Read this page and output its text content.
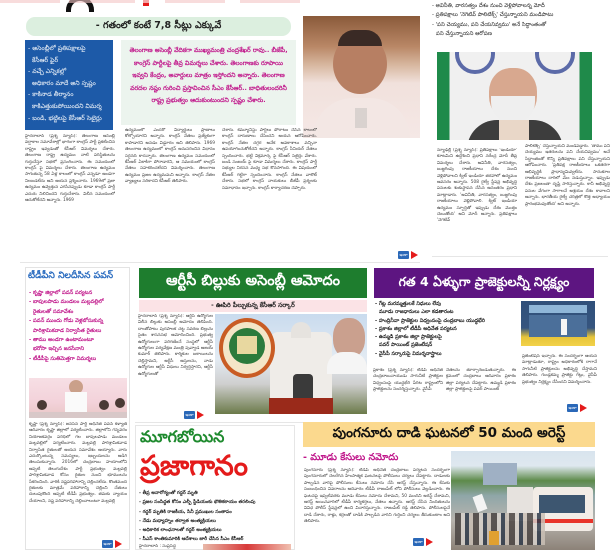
- గతంలో కంటే 7,8 సీట్లు ఎక్కువే
- అసెంబ్లీలో ప్రతిపక్షాలపై
కేసీఆర్ ఫైర్
- వచ్చే ఎన్నికల్లో
అధికారం మాదే అని స్పష్టం
- కాకినాడ తీర్మానం
కాకిఎత్తుకుపోయిందని విమర్శ
- బండి, భట్టిలపై కేసీఆర్ సెటైర్లు
తెలంగాణ అసెంబ్లీ వేదికగా ముఖ్యమంత్రి చంద్రశేఖర్ రావు.. బీజేపీ, కాంగ్రెస్ పార్టీలపై తీవ్ర విమర్శలు చేశారు. తెలంగాణకు రూపాయి ఇవ్వని కేంద్రం, అవార్డులు మాత్రం ఇస్తోందని అన్నారు. తెలంగాణ వరదల నష్టం గురించి ప్రస్తావించిన సీఎం కేసీఆర్.. బాధితులందరినీ రాష్ట్ర ప్రభుత్వం ఆదుకుంటుందని స్పష్టం చేశారు.
హైదరాబాద్ (ప్రశ్న న్యూస్): తెలంగాణ అసెంబ్లీ వర్షాకాల సమావేశాల్లో భాగంగా కాంగ్రెస్ పార్టీ ప్రకటించిన రాష్ట్రం ఇవ్వడంతో కేసీఆర్ విమర్శలు చేశారు. తెలంగాణ రాష్ట్ర ఉద్యమం నాటి పరిస్థితులను గుర్తుచేస్తూ సభలో ప్రసంగించారు. ఈ సమయంలో కాంగ్రెస్ పై విమర్శలు చేశారు. తెలంగాణ ఉద్యమం సాగుతున్న 58 ఏళ్ల కాలంలో కాంగ్రెస్ ఎన్నడూ అండగా నిలబడలేదు అని ఆయన ప్రశ్నించారు. 1969లో ప్రజా ఉద్యమం ఉవ్వెత్తున ఎగసినప్పుడు కూడా కాంగ్రెస్ పార్టీ ఎదురు నిలిచిందని గుర్తుచేశారు. విలీన సమయంలో ఆదుకోలేదని అన్నారు. 1969
ఉద్యమంలో ఎందరో విద్యార్థులు ప్రాణాలు కోల్పోయారని అన్నారు. కాంగ్రెస్ నేతలు ప్రత్యేకంగా కాపాడారని అనడం విడ్డూరం అని తెలిపారు. 1969 తెలంగాణ ఉద్యమంలో కాంగ్రెస్ అనుసరించిన విధానం సరైనది కాదన్నారు. తెలంగాణ ఉద్యమం సమయంలో కేసీఆర్ ఏకాకిగా పోరాడారని, ఆ సమయంలో కాంగ్రెస్ నేతలు సహకరించలేదని విమర్శించారు. తెలంగాణ ఉద్యమం ప్రజల ఉద్యమమని అన్నారు. కాంగ్రెస్ నేతల వ్యాఖ్యలు సరికాదని కేసీఆర్ తెలిపారు.
చేశారు. కమ్యూనిస్టు పార్టీలు పోరాటం చేసిన కాలంలో కాంగ్రెస్ దారుణాలు చేసిందని ఆయన ఆరోపించారు. కాంగ్రెస్ నేతల దగ్గర అనేక అవకాశాలు వచ్చినా ఉపయోగించుకోలేదని అన్నారు. కాంగ్రెస్ సీనియర్ నేతలు స్పందించారు. భట్టి విక్రమార్క పై కేసీఆర్ సెటైర్లు వేశారు. బండి సంజయ్ పై కూడా విమర్శలు చేశారు. కాంగ్రెస్ పార్టీ సభ్యుల నిరసన మధ్య సభ కొనసాగింది. ఈ విషయంలో కేసీఆర్ గట్టిగా స్పందించారు. కాంగ్రెస్ నేతలు వాకౌట్ చేశారు. సభలో కాంగ్రెస్ నాయకులు బీజేపీ ప్రశ్నలకు సమాధానం ఇచ్చారు. కాంగ్రెస్ కార్యాచరణ చెప్పారు.
ఇంకా
- అవినీతి, వారసత్వం దేశం నుంచి వెళ్లిపోవాలన్న మోదీ
- ప్రతిపక్షాలు 'నెగెటివ్ పాలిటిక్స్' చేస్తున్నాయని మండిపాటు
- 'పని చెయ్యము, పని చేయనివ్వము' అనే సిద్ధాంతంతో
పని చేస్తున్నాయని ఆరోపణ
న్యూఢిల్లీ (ప్రశ్న న్యూస్): ప్రతిపక్షాలు 'ఇండియా' కూటమిని ఉద్దేశించి ప్రధాని నరేంద్ర మోదీ తీవ్ర విమర్శలు చేశారు. అవినీతి, వారసత్వం, బుజ్జగింపు రాజకీయాలు దేశం నుంచి వెళ్లిపోవాలని క్విట్ ఇండియా తరహాలో ఉద్యమం అవసరం అన్నారు. 508 రైల్వే స్టేషన్ల అభివృద్ధి పనులకు శంకుస్థాపన చేసిన అనంతరం ప్రధాని మాట్లాడారు. 'అవినీతి, వారసత్వం, బుజ్జగింపు రాజకీయాలు వెళ్లిపోవాలి. క్విట్ ఇండియా ఉద్యమం స్ఫూర్తితో ఇప్పుడు దేశం మొత్తం చెబుతోంది' అని మోదీ అన్నారు. ప్రతిపక్షాలు 'నెగెటివ్
పాలిటిక్స్' చేస్తున్నాయని మండిపడ్డారు. 'తాము పని చెయ్యము ఇతరులను పని చేయనివ్వము' అనే సిద్ధాంతంతో కొన్ని ప్రతిపక్షాలు పని చేస్తున్నాయని ఆరోపించారు. 'ప్రతిపక్ష రాజకీయాలు ఒకతరగా అభివృద్ధికి ప్రాధాన్యమివ్వలేదు. సానుకూల రాజకీయాలు దారిలో మేం నడుస్తున్నాం. ఇప్పుడు దేశం ప్రజలంతా దృష్టి సారిస్తున్నారు. కానీ అభివృద్ధి పనుల వేగంగా సాగాలనే ఆశ్రయం దేశం కావాలని అన్నారు. భారతీయ రైల్వే చరిత్రలో కొత్త అధ్యాయం ప్రారంభమవుతోంది' అని అన్నారు.
టీడీపీని నిలదీసిన పవన్
- కృష్ణా జిల్లాలో పవన్ పర్యటన
- బాపులపాడు మండలం మల్లవల్లిలో
రైతులతో సమావేశం
- పవన్ ముందు గోడు వెళ్లబోసుకున్న
పారిశ్రామికవాడ నిర్వాసిత రైతులు
- తాము అండగా ఉంటామంటూ
భరోసా ఇచ్చిన జనసేనాని
- టీడీపీపై సుతిమెత్తగా విమర్శలు
కృష్ణా (ప్రశ్న న్యూస్): జనసేన పార్టీ అధినేత పవన్ కళ్యాణ్ ఆదివారం కృష్ణా జిల్లాలో పర్యటించారు. జిల్లాలోని గన్నవరం నియోజకవర్గం పరిధిలో గల బాపులపాడు మండలం మల్లవల్లిలో పర్యటించారు. మల్లవల్లి పారిశ్రామికవాడ నిర్వాసిత రైతులతో ఆయన సమావేశం అయ్యారు. వారు ఎదుర్కొంటున్న సమస్యలు, ఇబ్బందులను అడిగి తెలుసుకున్నారు. 2016లో చంద్రబాబు హయాంలోని అప్పటి తెలుగుదేశం పార్టీ ప్రభుత్వం మల్లవల్లి పారిశ్రామికవాడ కోసం రైతుల నుంచి భూములను సేకరించింది. వారికి నష్టపరిహారాన్ని చెల్లించలేదు. కొంతమంది రైతులకు మాత్రమే పరిహారాన్ని చెల్లించి చేతులు దులుపుకొంది అప్పటి టీడీపీ ప్రభుత్వం. తమకు న్యాయం చేయాలని, నష్ట పరిహారాన్ని చెల్లించాలంటూ మల్లవల్లి
ఇంకా
ఆర్టీసీ బిల్లుకు అసెంబ్లీ ఆమోదం
- ఊపిరి పీల్చుకున్న కేసీఆర్ సర్కార్
హైదరాబాద్ (ప్రశ్న న్యూస్): ఆర్టీసీ ఉద్యోగుల విలీన బిల్లుకు అసెంబ్లీ ఆమోదం తెలిపింది. దాంతోపాటు పురపాలక చట్ట సవరణ బిల్లును సైతం శాసనసభ ఆమోదించింది. ప్రభుత్వ ఉద్యోగులుగా పరిగణించే సంస్థలో ఆర్టీసీ ఉద్యోగుల పర్యవేక్షణ మంత్రి పువ్వాడ అజయ్ కుమార్ తెలిపారు. కార్మికుల బకాయిలను చెల్లిస్తామని, ఆర్టీసీ ఆస్తులను, నాడు ఉద్యోగుల ఆర్టీసీ విధులు నిర్వర్తిస్తారని, ఆర్టీసీ ఉద్యోగులతో
ఇంకా
గత 4 ఏళ్ళుగా ప్రాజెక్టులన్నీ నిర్లక్ష్యం
- గేట్ల మరమ్మత్తులకే నిధులు లేవు
మూడు రాజధానులు ఎలా కడతారంట
- హంద్రినీవా ప్రాజెక్టుల విధ్వంసంపై చంద్రబాబు యుద్ధభేరి
- ప్రకాశం జిల్లాలో టీడీపీ అధినేత పర్యటన
- ఉమ్మడి ప్రకాశం జిల్లా ప్రాజెక్టులపై
పవర్ పాయింట్ ప్రజెంటేషన్
- వైసీపీ సర్కారుపై విమర్శనాస్త్రాలు
ప్రకాశం (ప్రశ్న న్యూస్): టీడీపీ అధినేత చంద్రబాబునాయుడు సాగునీటి ప్రాజెక్టుల విధ్వంసంపై యుద్ధభేరి పేరిట రాష్ట్రంలోని ప్రాజెక్టులను సందర్శిస్తున్నారు. వైసీపీ
నేతలను తూర్పారబడుతున్నారు. ఈ క్రమంలో చంద్రబాబు ఆదివారం ప్రకాశం జిల్లా పర్యటన చేపట్టారు. ఉమ్మడి ప్రకాశం జిల్లా ప్రాజెక్టులపై పవర్ పాయింట్
ప్రజెంటేషన్ ఇచ్చారు. ఈ సందర్భంగా ఆయన మాట్లాడుతూ, రాష్ట్రం అధికారంలోకి రాగానే సాగునీటి ప్రాజెక్టులను అభివృద్ధి చేస్తామని తెలిపారు. గుండ్లకమ్మ ప్రాజెక్టు గేట్లు, వైసీపీ ప్రభుత్వం నిర్లక్ష్యం చేసిందని విమర్శించారు.
ఇంకా
మూగబోయిన
ప్రజాగానం
- తీవ్ర అనారోగ్యంతో గద్దర్ మృతి
- ప్రజల సంసిద్ధత కోసం ఎల్బీ స్టేడియంకు భౌతికకాయం తరలింపు
- గద్దర్ మృతికి రాజకీయ, సినీ ప్రముఖుల సంతాపం
- నేడు మధ్యాహ్నం తర్వాత అంత్యక్రియలు
- అధికారిక లాంఛనాలతో గద్దర్ అంత్యక్రియలు
- సీఎస్ శాంతికుమారికి ఆదేశాలు జారీ చేసిన సీఎం కేసీఆర్
హైదరాబాద్ : సుప్రసిద్ధ
పుంగనూరు దాడి ఘటనలో 50 మంది అరెస్ట్
- మూడు కేసులు నమోదు
పుంగనూరు (ప్రశ్న న్యూస్): టీడీపీ అధినేత చంద్రబాబు పర్యటన సందర్భంగా పుంగనూరులో చెలరేగిన హింసాత్మక ఘటనలపై పోలీసులు చర్యలు చేపట్టారు. దాడులకు పాల్పడిన వారిపై పోలీసులు కేసులు నమోదు చేసి అరెస్ట్ చేస్తున్నారు. ఈ కేసుకు సంబంధించిన వివరాలను ఆదివారం టీడీపీ రాజంపేట్ లోని పోలీసులు వెల్లడించారు. ఈ ఘటనపై ఇప్పటివరకు మూడు కేసులు నమోదు చేశామని, 50 మందిని అరెస్ట్ చేశామని, అరెస్ట్ అయినవారిలో టీడీపీ కార్యకర్తలు, నేతలు ఉన్నారు. అరెస్ట్ చేసిన నిందితులను వివిధ పోలీస్ స్టేషన్లలో ఉంచి విచారిస్తున్నారు. రాజంపేట్ రెడ్డి తెలిపారు. పోలీసులపైనే దాడి చేశారు, రాళ్లు, కర్రలతో దాడికి పాల్పడిన వారిని గుర్తించి చర్యలు తీసుకుంటాం అని తెలిపారు.
ఇంకా
